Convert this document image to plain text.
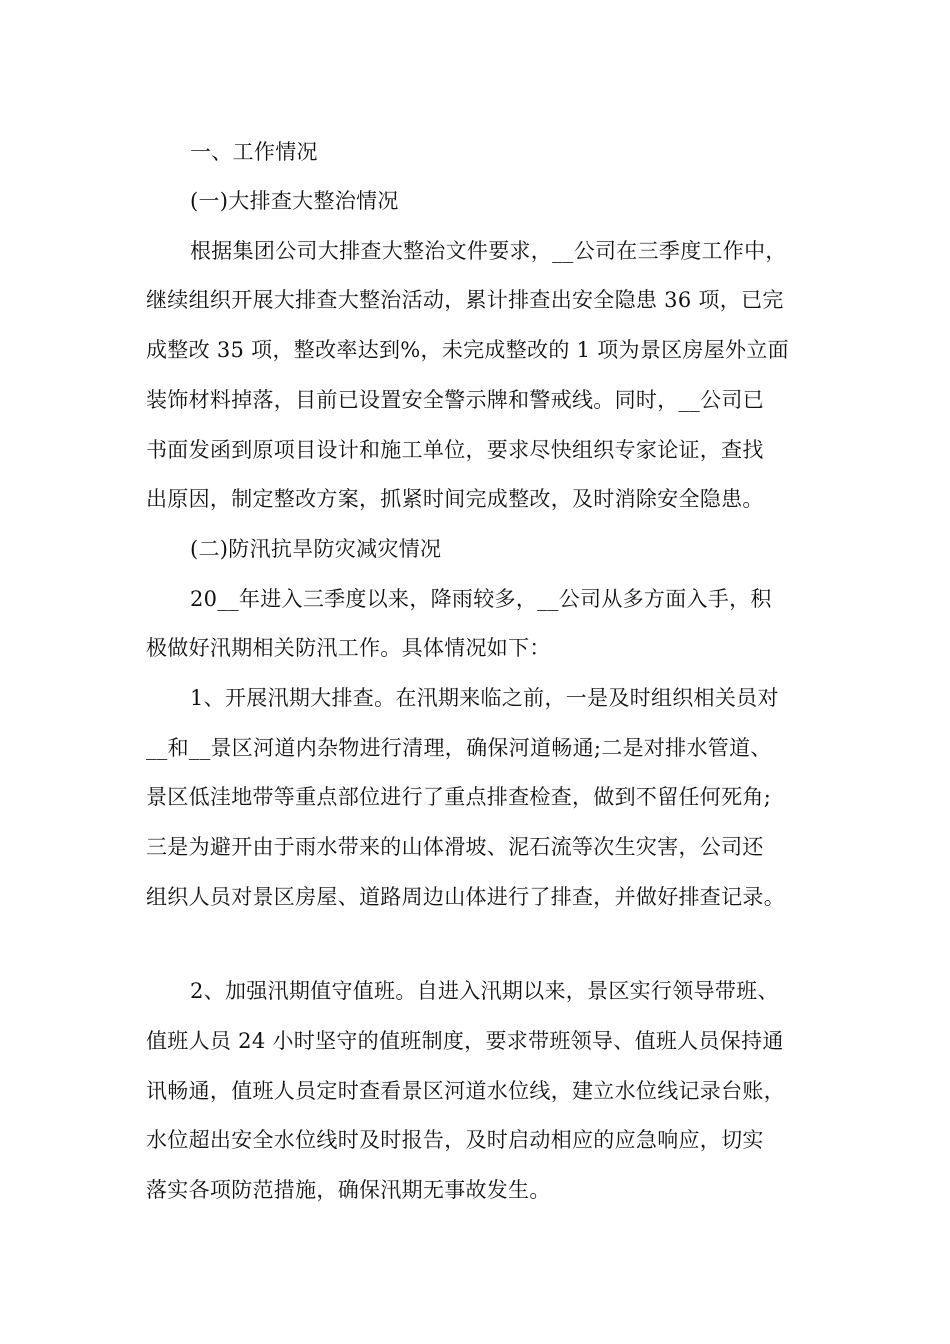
一、工作情况

(一)大排查大整治情况

根据集团公司大排查大整治文件要求，__公司在三季度工作中，

继续组织开展大排查大整治活动，累计排查出安全隐患 36 项，已完

成整改 35 项，整改率达到%，未完成整改的 1 项为景区房屋外立面

装饰材料掉落，目前已设置安全警示牌和警戒线。同时，__公司已

书面发函到原项目设计和施工单位，要求尽快组织专家论证，查找

出原因，制定整改方案，抓紧时间完成整改，及时消除安全隐患。

(二)防汛抗旱防灾减灾情况

20__年进入三季度以来，降雨较多，__公司从多方面入手，积

极做好汛期相关防汛工作。具体情况如下：

1、开展汛期大排查。在汛期来临之前，一是及时组织相关员对

__和__景区河道内杂物进行清理，确保河道畅通;二是对排水管道、

景区低洼地带等重点部位进行了重点排查检查，做到不留任何死角;

三是为避开由于雨水带来的山体滑坡、泥石流等次生灾害，公司还

组织人员对景区房屋、道路周边山体进行了排查，并做好排查记录。

2、加强汛期值守值班。自进入汛期以来，景区实行领导带班、

值班人员 24 小时坚守的值班制度，要求带班领导、值班人员保持通

讯畅通，值班人员定时查看景区河道水位线，建立水位线记录台账，

水位超出安全水位线时及时报告，及时启动相应的应急响应，切实

落实各项防范措施，确保汛期无事故发生。
